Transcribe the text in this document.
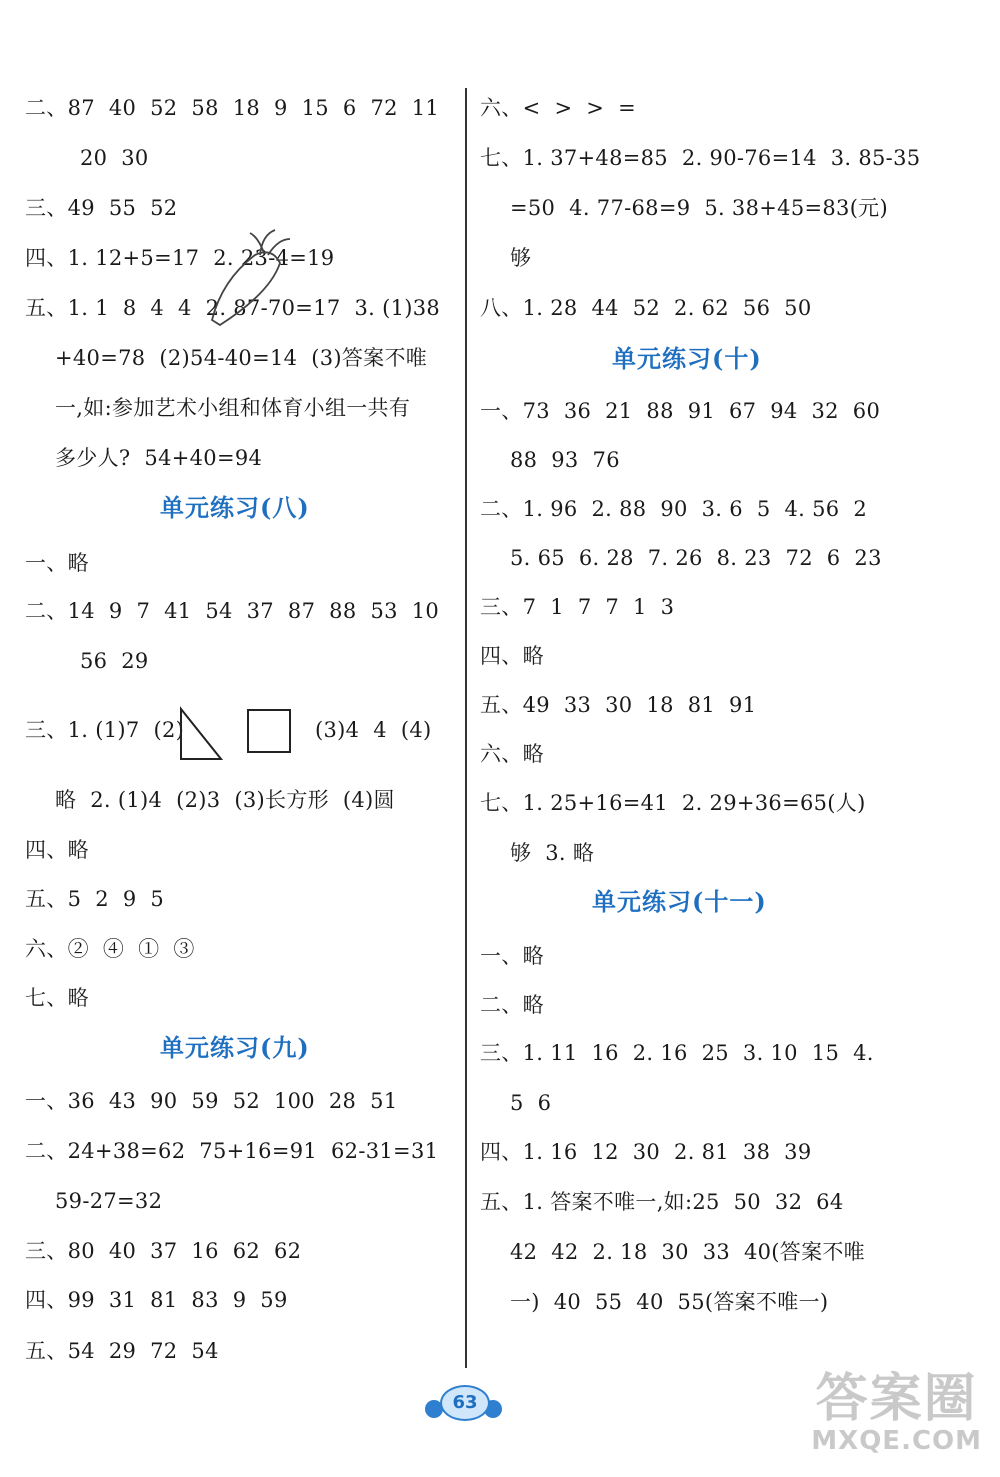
二、87  40  52  58  18  9  15  6  72  11
20  30
三、49  55  52
四、1. 12+5=17  2. 23-4=19
五、1. 1  8  4  4  2. 87-70=17  3. (1)38
+40=78  (2)54-40=14  (3)答案不唯
一,如:参加艺术小组和体育小组一共有
多少人?  54+40=94
单元练习(八)
一、略
二、14  9  7  41  54  37  87  88  53  10
56  29
三、1. (1)7  (2)	(3)4  4  (4)
略  2. (1)4  (2)3  (3)长方形  (4)圆
四、略
五、5  2  9  5
六、②  ④  ①  ③
七、略
单元练习(九)
一、36  43  90  59  52  100  28  51
二、24+38=62  75+16=91  62-31=31
59-27=32
三、80  40  37  16  62  62
四、99  31  81  83  9  59
五、54  29  72  54
六、<  >  >  =
七、1. 37+48=85  2. 90-76=14  3. 85-35
=50  4. 77-68=9  5. 38+45=83(元)
够
八、1. 28  44  52  2. 62  56  50
单元练习(十)
一、73  36  21  88  91  67  94  32  60
88  93  76
二、1. 96  2. 88  90  3. 6  5  4. 56  2
5. 65  6. 28  7. 26  8. 23  72  6  23
三、7  1  7  7  1  3
四、略
五、49  33  30  18  81  91
六、略
七、1. 25+16=41  2. 29+36=65(人)
够  3. 略
单元练习(十一)
一、略
二、略
三、1. 11  16  2. 16  25  3. 10  15  4.
5  6
四、1. 16  12  30  2. 81  38  39
五、1. 答案不唯一,如:25  50  32  64
42  42  2. 18  30  33  40(答案不唯
一)  40  55  40  55(答案不唯一)
63	答案圈
MXQE.COM
